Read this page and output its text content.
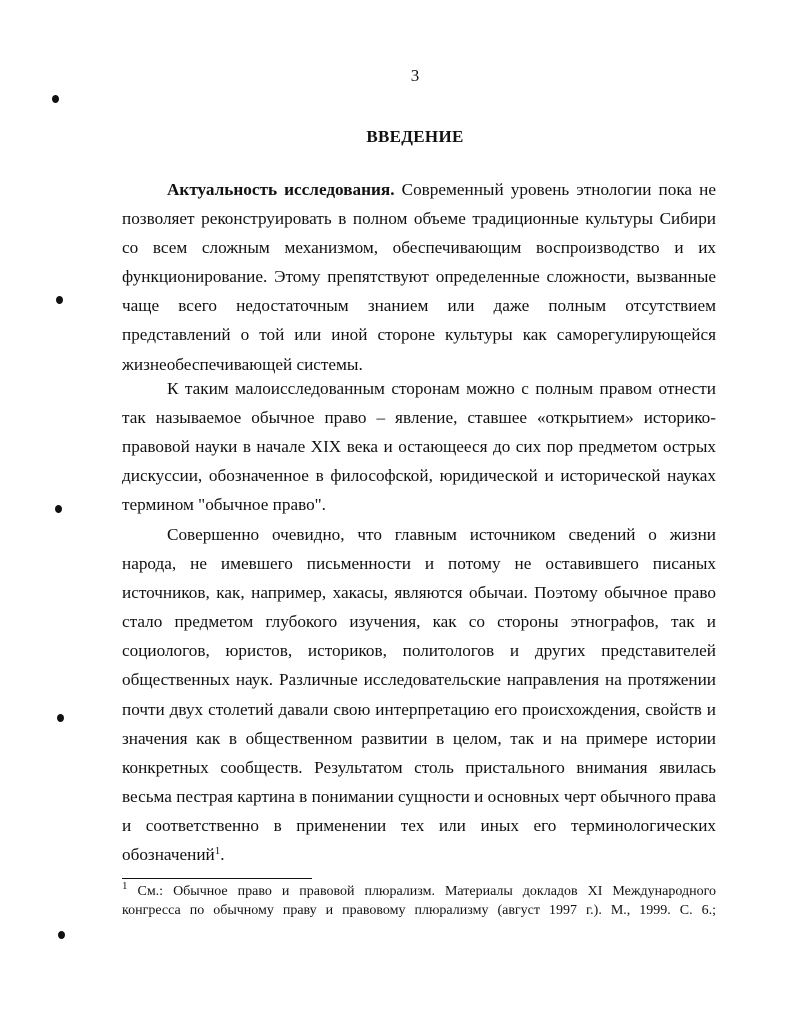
3
ВВЕДЕНИЕ
Актуальность исследования. Современный уровень этнологии пока не
позволяет реконструировать в полном объеме традиционные культуры Сибири
со всем сложным механизмом, обеспечивающим воспроизводство и их
функционирование. Этому препятствуют определенные сложности, вызванные
чаще всего недостаточным знанием или даже полным отсутствием
представлений о той или иной стороне культуры как саморегулирующейся
жизнеобеспечивающей системы.
К таким малоисследованным сторонам можно с полным правом отнести
так называемое обычное право – явление, ставшее «открытием» историко-
правовой науки в начале XIX века и остающееся до сих пор предметом острых
дискуссии, обозначенное в философской, юридической и исторической науках
термином "обычное право".
Совершенно очевидно, что главным источником сведений о жизни
народа, не имевшего письменности и потому не оставившего писаных
источников, как, например, хакасы, являются обычаи. Поэтому обычное право
стало предметом глубокого изучения, как со стороны этнографов, так и
социологов, юристов, историков, политологов и других представителей
общественных наук. Различные исследовательские направления на протяжении
почти двух столетий давали свою интерпретацию его происхождения, свойств и
значения как в общественном развитии в целом, так и на примере истории
конкретных сообществ. Результатом столь пристального внимания явилась
весьма пестрая картина в понимании сущности и основных черт обычного права
и соответственно в применении тех или иных его терминологических
обозначений$^1$.
$^1$ См.: Обычное право и правовой плюрализм. Материалы докладов XI Международного
конгресса по обычному праву и правовому плюрализму (август 1997 г.). М., 1999. С. 6.;
